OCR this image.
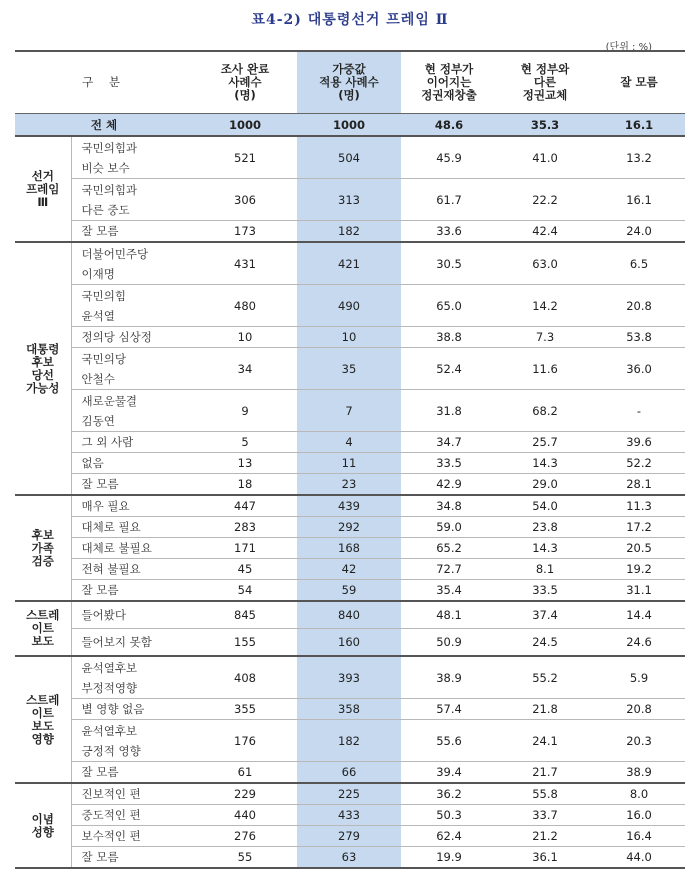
표4-2) 대통령선거 프레임 Ⅱ
(단위 : %)
구 분		조사 완료
사례수
(명)	가중값
적용 사례수
(명)	현 정부가
이어지는
정권재창출	현 정부와
다른
정권교체	잘 모름
전 체		1000	1000	48.6	35.3	16.1

선거
프레임
Ⅲ	국민의힘과
비슷 보수	521	504	45.9	41.0	13.2

	국민의힘과
다른 중도	306	313	61.7	22.2	16.1
	잘 모름	173	182	33.6	42.4	24.0

대통령
후보
당선
가능성	더불어민주당
이재명	431	421	30.5	63.0	6.5

	국민의힘
윤석열	480	490	65.0	14.2	20.8
	정의당 심상정	10	10	38.8	7.3	53.8

	국민의당
안철수	34	35	52.4	11.6	36.0

	새로운물결
김동연	9	7	31.8	68.2	-
	그 외 사람	5	4	34.7	25.7	39.6
	없음	13	11	33.5	14.3	52.2
	잘 모름	18	23	42.9	29.0	28.1

후보
가족
검증	매우 필요	447	439	34.8	54.0	11.3
	대체로 필요	283	292	59.0	23.8	17.2
	대체로 불필요	171	168	65.2	14.3	20.5
	전혀 불필요	45	42	72.7	8.1	19.2
	잘 모름	54	59	35.4	33.5	31.1

스트레
이트
보도	들어봤다	845	840	48.1	37.4	14.4
	들어보지 못함	155	160	50.9	24.5	24.6

스트레
이트
보도
영향	윤석열후보
부정적영향	408	393	38.9	55.2	5.9
	별 영향 없음	355	358	57.4	21.8	20.8

	윤석열후보
긍정적 영향	176	182	55.6	24.1	20.3
	잘 모름	61	66	39.4	21.7	38.9

이념
성향	진보적인 편	229	225	36.2	55.8	8.0
	중도적인 편	440	433	50.3	33.7	16.0
	보수적인 편	276	279	62.4	21.2	16.4
	잘 모름	55	63	19.9	36.1	44.0
